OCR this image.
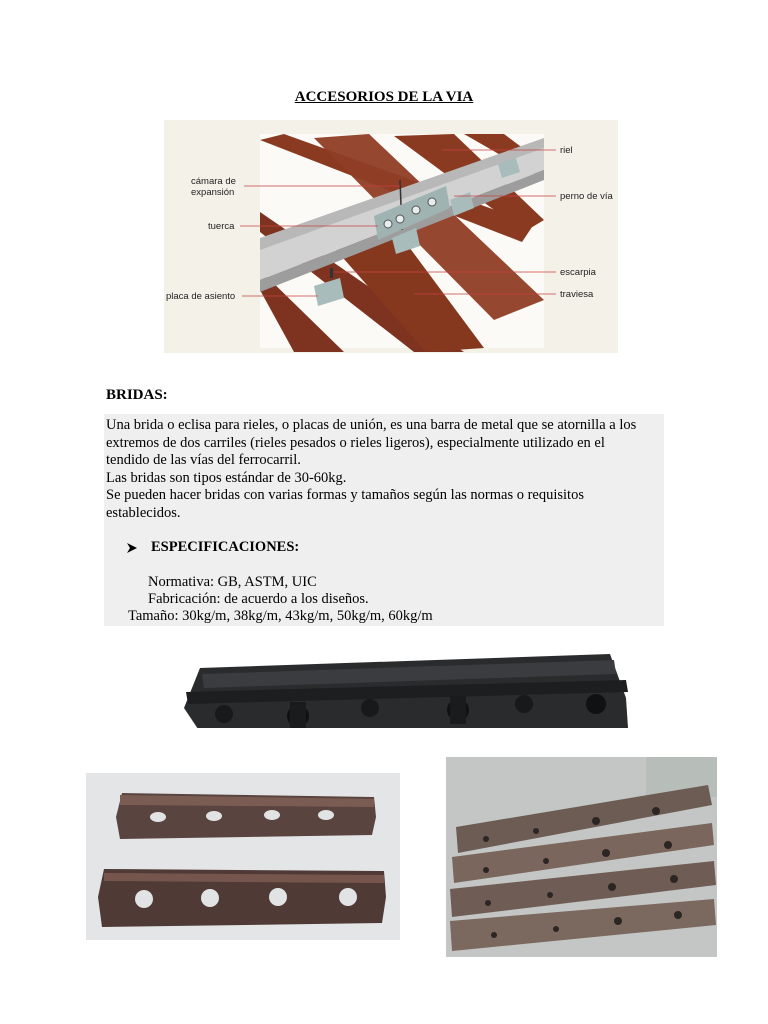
ACCESORIOS DE LA VIA
cámara de
expansión
tuerca
placa de asiento
riel
perno de vía
escarpia
traviesa
BRIDAS:

Una brida o eclisa para rieles, o placas de unión, es una barra de metal que se atornilla a los

extremos de dos carriles (rieles pesados o rieles ligeros), especialmente utilizado en el

tendido de las vías del ferrocarril.

Las bridas son tipos estándar de 30-60kg.

Se pueden hacer bridas con varias formas y tamaños según las normas o requisitos

establecidos.

ESPECIFICACIONES:
Normativa: GB, ASTM, UIC
Fabricación: de acuerdo a los diseños.
Tamaño: 30kg/m, 38kg/m, 43kg/m, 50kg/m, 60kg/m
